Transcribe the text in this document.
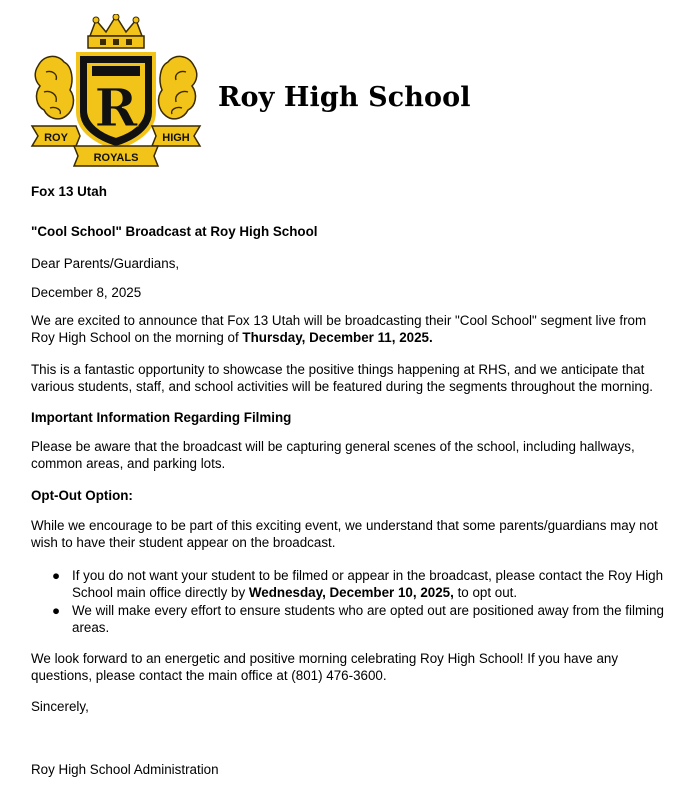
R
ROY	HIGH
ROYALS
Roy High School

Fox 13 Utah

"Cool School" Broadcast at Roy High School

Dear Parents/Guardians,

December 8, 2025

We are excited to announce that Fox 13 Utah will be broadcasting their "Cool School" segment live from Roy High School on the morning of Thursday, December 11, 2025.

This is a fantastic opportunity to showcase the positive things happening at RHS, and we anticipate that various students, staff, and school activities will be featured during the segments throughout the morning.

Important Information Regarding Filming

Please be aware that the broadcast will be capturing general scenes of the school, including hallways, common areas, and parking lots.

Opt-Out Option:

While we encourage to be part of this exciting event, we understand that some parents/guardians may not wish to have their student appear on the broadcast.

● If you do not want your student to be filmed or appear in the broadcast, please contact the Roy High School main office directly by Wednesday, December 10, 2025, to opt out.
● We will make every effort to ensure students who are opted out are positioned away from the filming areas.

We look forward to an energetic and positive morning celebrating Roy High School! If you have any questions, please contact the main office at (801) 476-3600.

Sincerely,

Roy High School Administration
